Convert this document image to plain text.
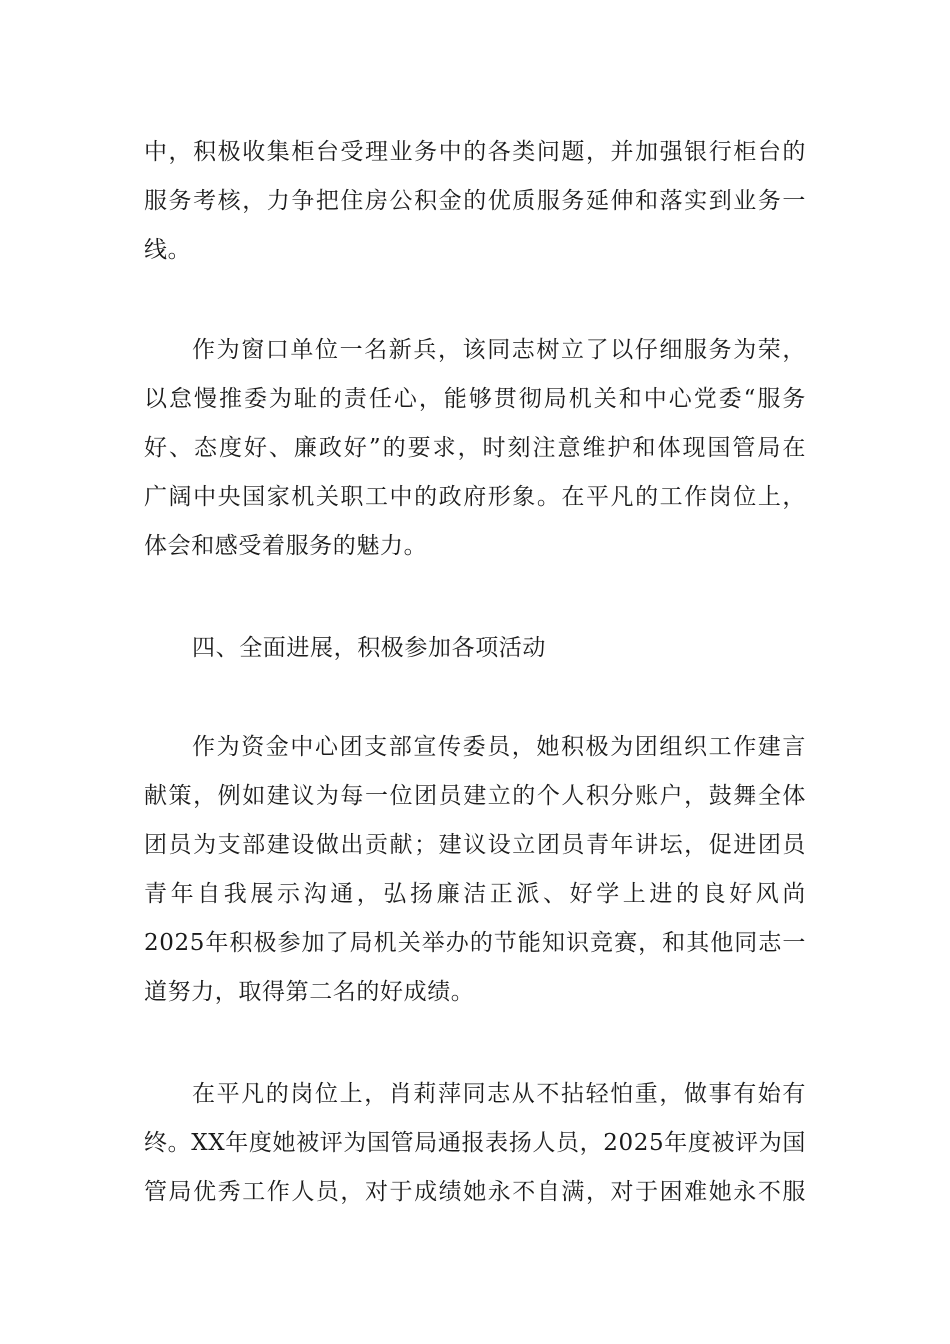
中，积极收集柜台受理业务中的各类问题，并加强银行柜台的
服务考核，力争把住房公积金的优质服务延伸和落实到业务一
线。
作为窗口单位一名新兵，该同志树立了以仔细服务为荣，
以怠慢推委为耻的责任心，能够贯彻局机关和中心党委“服务
好、态度好、廉政好”的要求，时刻注意维护和体现国管局在
广阔中央国家机关职工中的政府形象。在平凡的工作岗位上，
体会和感受着服务的魅力。
四、全面进展，积极参加各项活动
作为资金中心团支部宣传委员，她积极为团组织工作建言
献策，例如建议为每一位团员建立的个人积分账户，鼓舞全体
团员为支部建设做出贡献；建议设立团员青年讲坛，促进团员
青年自我展示沟通，弘扬廉洁正派、好学上进的良好风尚
2025年积极参加了局机关举办的节能知识竞赛，和其他同志一
道努力，取得第二名的好成绩。
在平凡的岗位上，肖莉萍同志从不拈轻怕重，做事有始有
终。XX年度她被评为国管局通报表扬人员，2025年度被评为国
管局优秀工作人员，对于成绩她永不自满，对于困难她永不服
